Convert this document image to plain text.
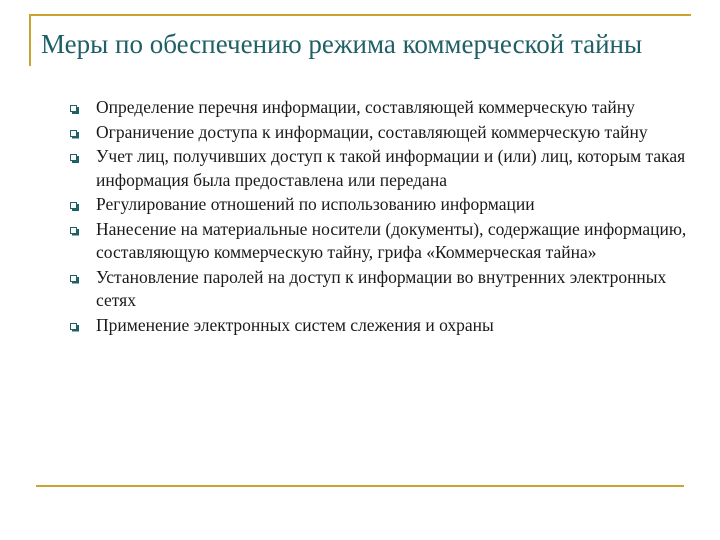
Меры по обеспечению режима коммерческой тайны
Определение перечня информации, составляющей коммерческую тайну
Ограничение доступа к информации, составляющей коммерческую тайну
Учет лиц, получивших доступ к такой информации и (или) лиц, которым такая информация была предоставлена или передана
Регулирование отношений по использованию информации
Нанесение на материальные носители (документы), содержащие информацию, составляющую коммерческую тайну, грифа «Коммерческая тайна»
Установление паролей на доступ к информации во внутренних электронных сетях
Применение электронных систем слежения и охраны
